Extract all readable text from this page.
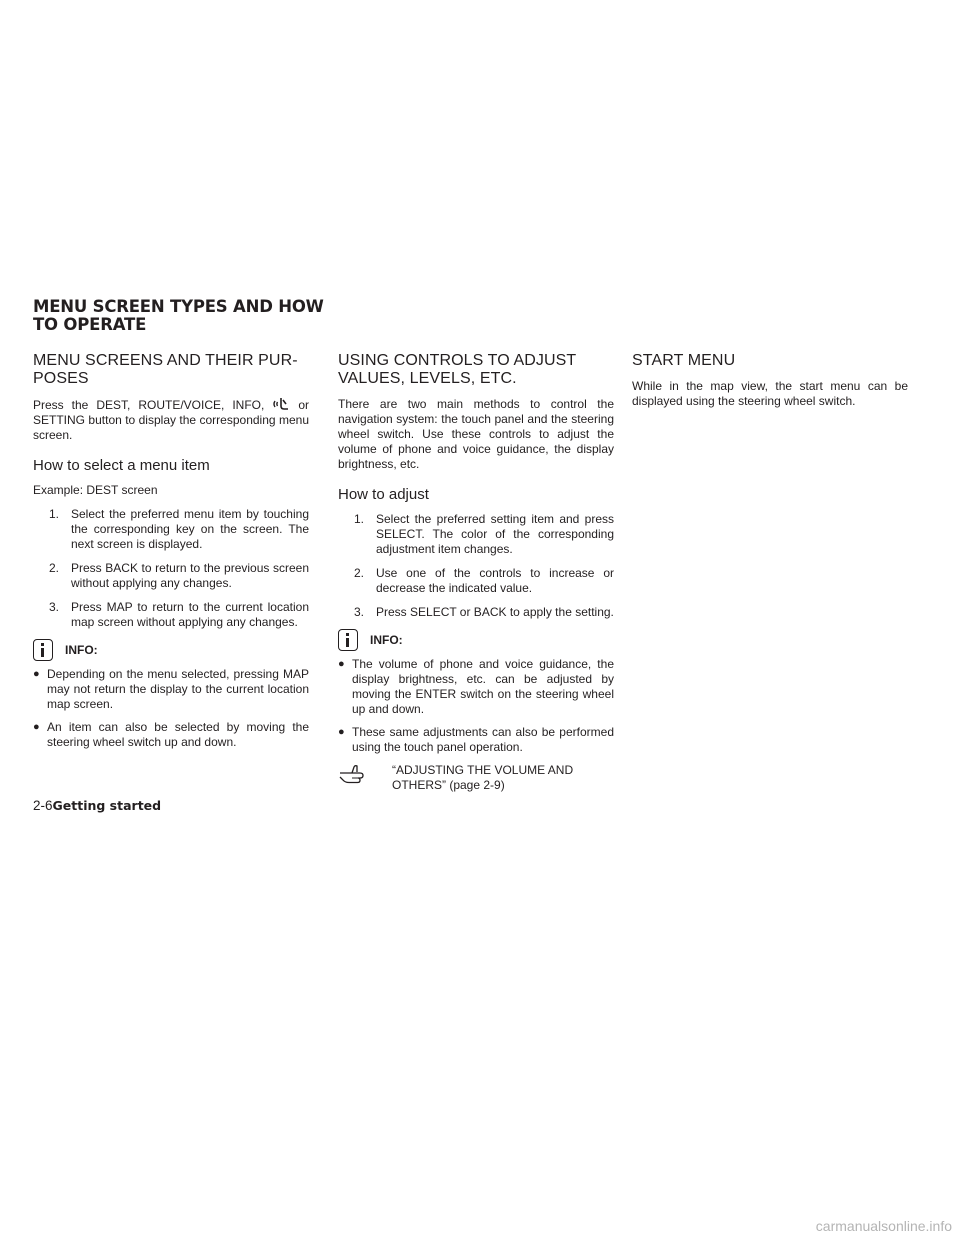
MENU SCREEN TYPES AND HOW TO OPERATE
MENU SCREENS AND THEIR PUR-
POSES

Press the DEST, ROUTE/VOICE, INFO,	or SETTING button to display the corresponding menu screen.

How to select a menu item

Example: DEST screen

1. Select the preferred menu item by touching the corresponding key on the screen. The next screen is displayed.
2. Press BACK to return to the previous screen without applying any changes.
3. Press MAP to return to the current location map screen without applying any changes.
INFO:
● Depending on the menu selected, pressing MAP may not return the display to the current location map screen.
● An item can also be selected by moving the steering wheel switch up and down.
USING CONTROLS TO ADJUST
VALUES, LEVELS, ETC.

There are two main methods to control the navigation system: the touch panel and the steering wheel switch. Use these controls to adjust the volume of phone and voice guidance, the display brightness, etc.

How to adjust
1. Select the preferred setting item and press SELECT. The color of the corresponding adjustment item changes.
2. Use one of the controls to increase or decrease the indicated value.
3. Press SELECT or BACK to apply the setting.
INFO:
● The volume of phone and voice guidance, the display brightness, etc. can be adjusted by moving the ENTER switch on the steering wheel up and down.
● These same adjustments can also be performed using the touch panel operation.
“ADJUSTING THE VOLUME AND OTHERS” (page 2-9)
START MENU

While in the map view, the start menu can be displayed using the steering wheel switch.

2-6Getting started
carmanualsonline.info
